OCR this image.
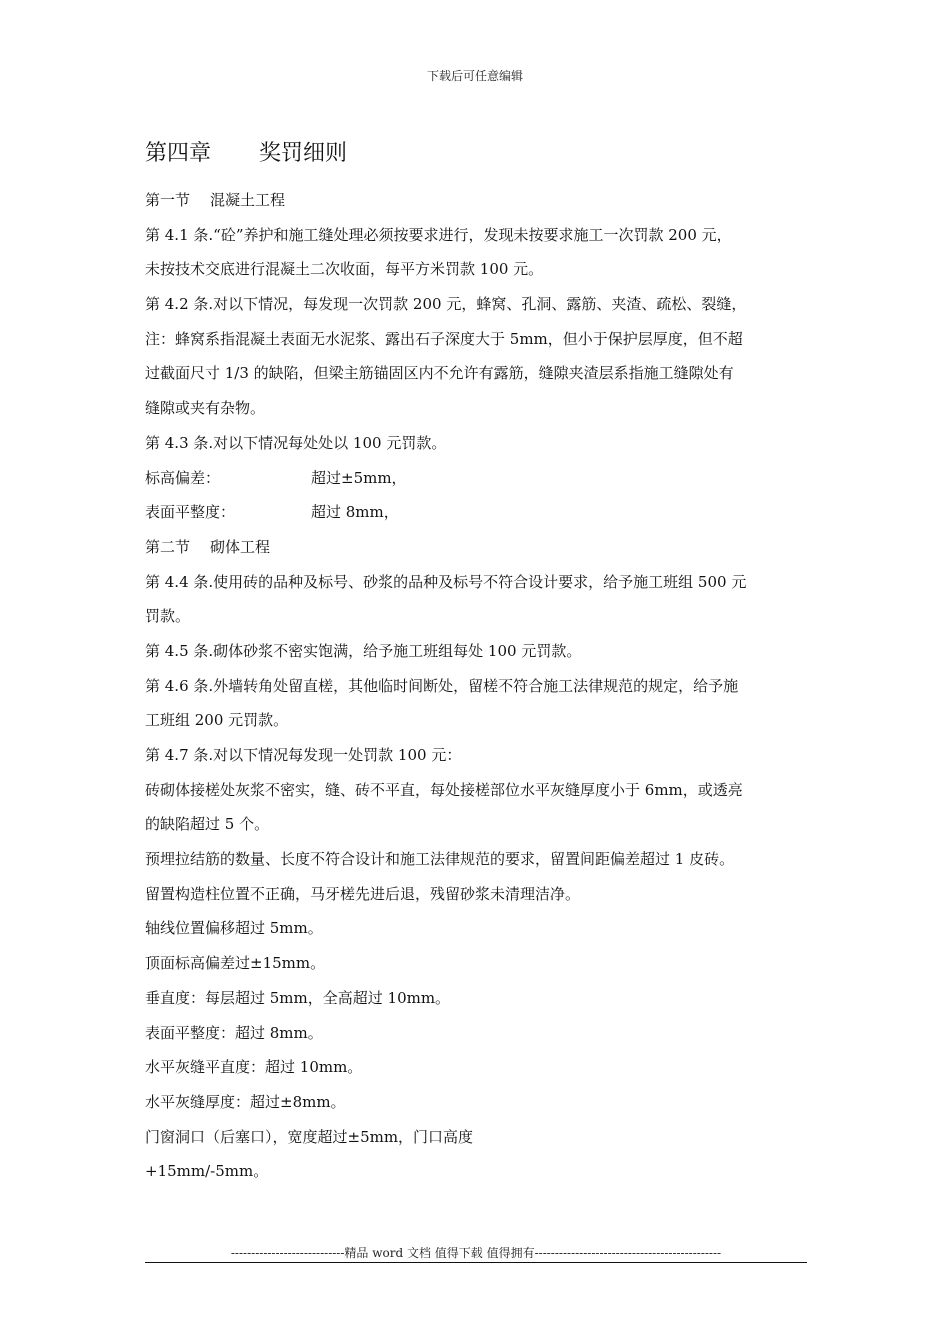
下载后可任意编辑
第四章 奖罚细则
第一节 混凝土工程
第 4.1 条.“砼”养护和施工缝处理必须按要求进行，发现未按要求施工一次罚款 200 元，
未按技术交底进行混凝土二次收面，每平方米罚款 100 元。
第 4.2 条.对以下情况，每发现一次罚款 200 元，蜂窝、孔洞、露筋、夹渣、疏松、裂缝，
注：蜂窝系指混凝土表面无水泥浆、露出石子深度大于 5mm，但小于保护层厚度，但不超
过截面尺寸 1/3 的缺陷，但梁主筋锚固区内不允许有露筋，缝隙夹渣层系指施工缝隙处有
缝隙或夹有杂物。
第 4.3 条.对以下情况每处处以 100 元罚款。
标高偏差：	超过±5mm，
表面平整度：	超过 8mm，
第二节 砌体工程
第 4.4 条.使用砖的品种及标号、砂浆的品种及标号不符合设计要求，给予施工班组 500 元
罚款。
第 4.5 条.砌体砂浆不密实饱满，给予施工班组每处 100 元罚款。
第 4.6 条.外墙转角处留直槎，其他临时间断处，留槎不符合施工法律规范的规定，给予施
工班组 200 元罚款。
第 4.7 条.对以下情况每发现一处罚款 100 元：
砖砌体接槎处灰浆不密实，缝、砖不平直，每处接槎部位水平灰缝厚度小于 6mm，或透亮
的缺陷超过 5 个。
预埋拉结筋的数量、长度不符合设计和施工法律规范的要求，留置间距偏差超过 1 皮砖。
留置构造柱位置不正确，马牙槎先进后退，残留砂浆未清理洁净。
轴线位置偏移超过 5mm。
顶面标高偏差过±15mm。
垂直度：每层超过 5mm，全高超过 10mm。
表面平整度：超过 8mm。
水平灰缝平直度：超过 10mm。
水平灰缝厚度：超过±8mm。
门窗洞口（后塞口），宽度超过±5mm，门口高度
+15mm/-5mm。
----------------------------精品 word 文档 值得下载 值得拥有----------------------------------------------
